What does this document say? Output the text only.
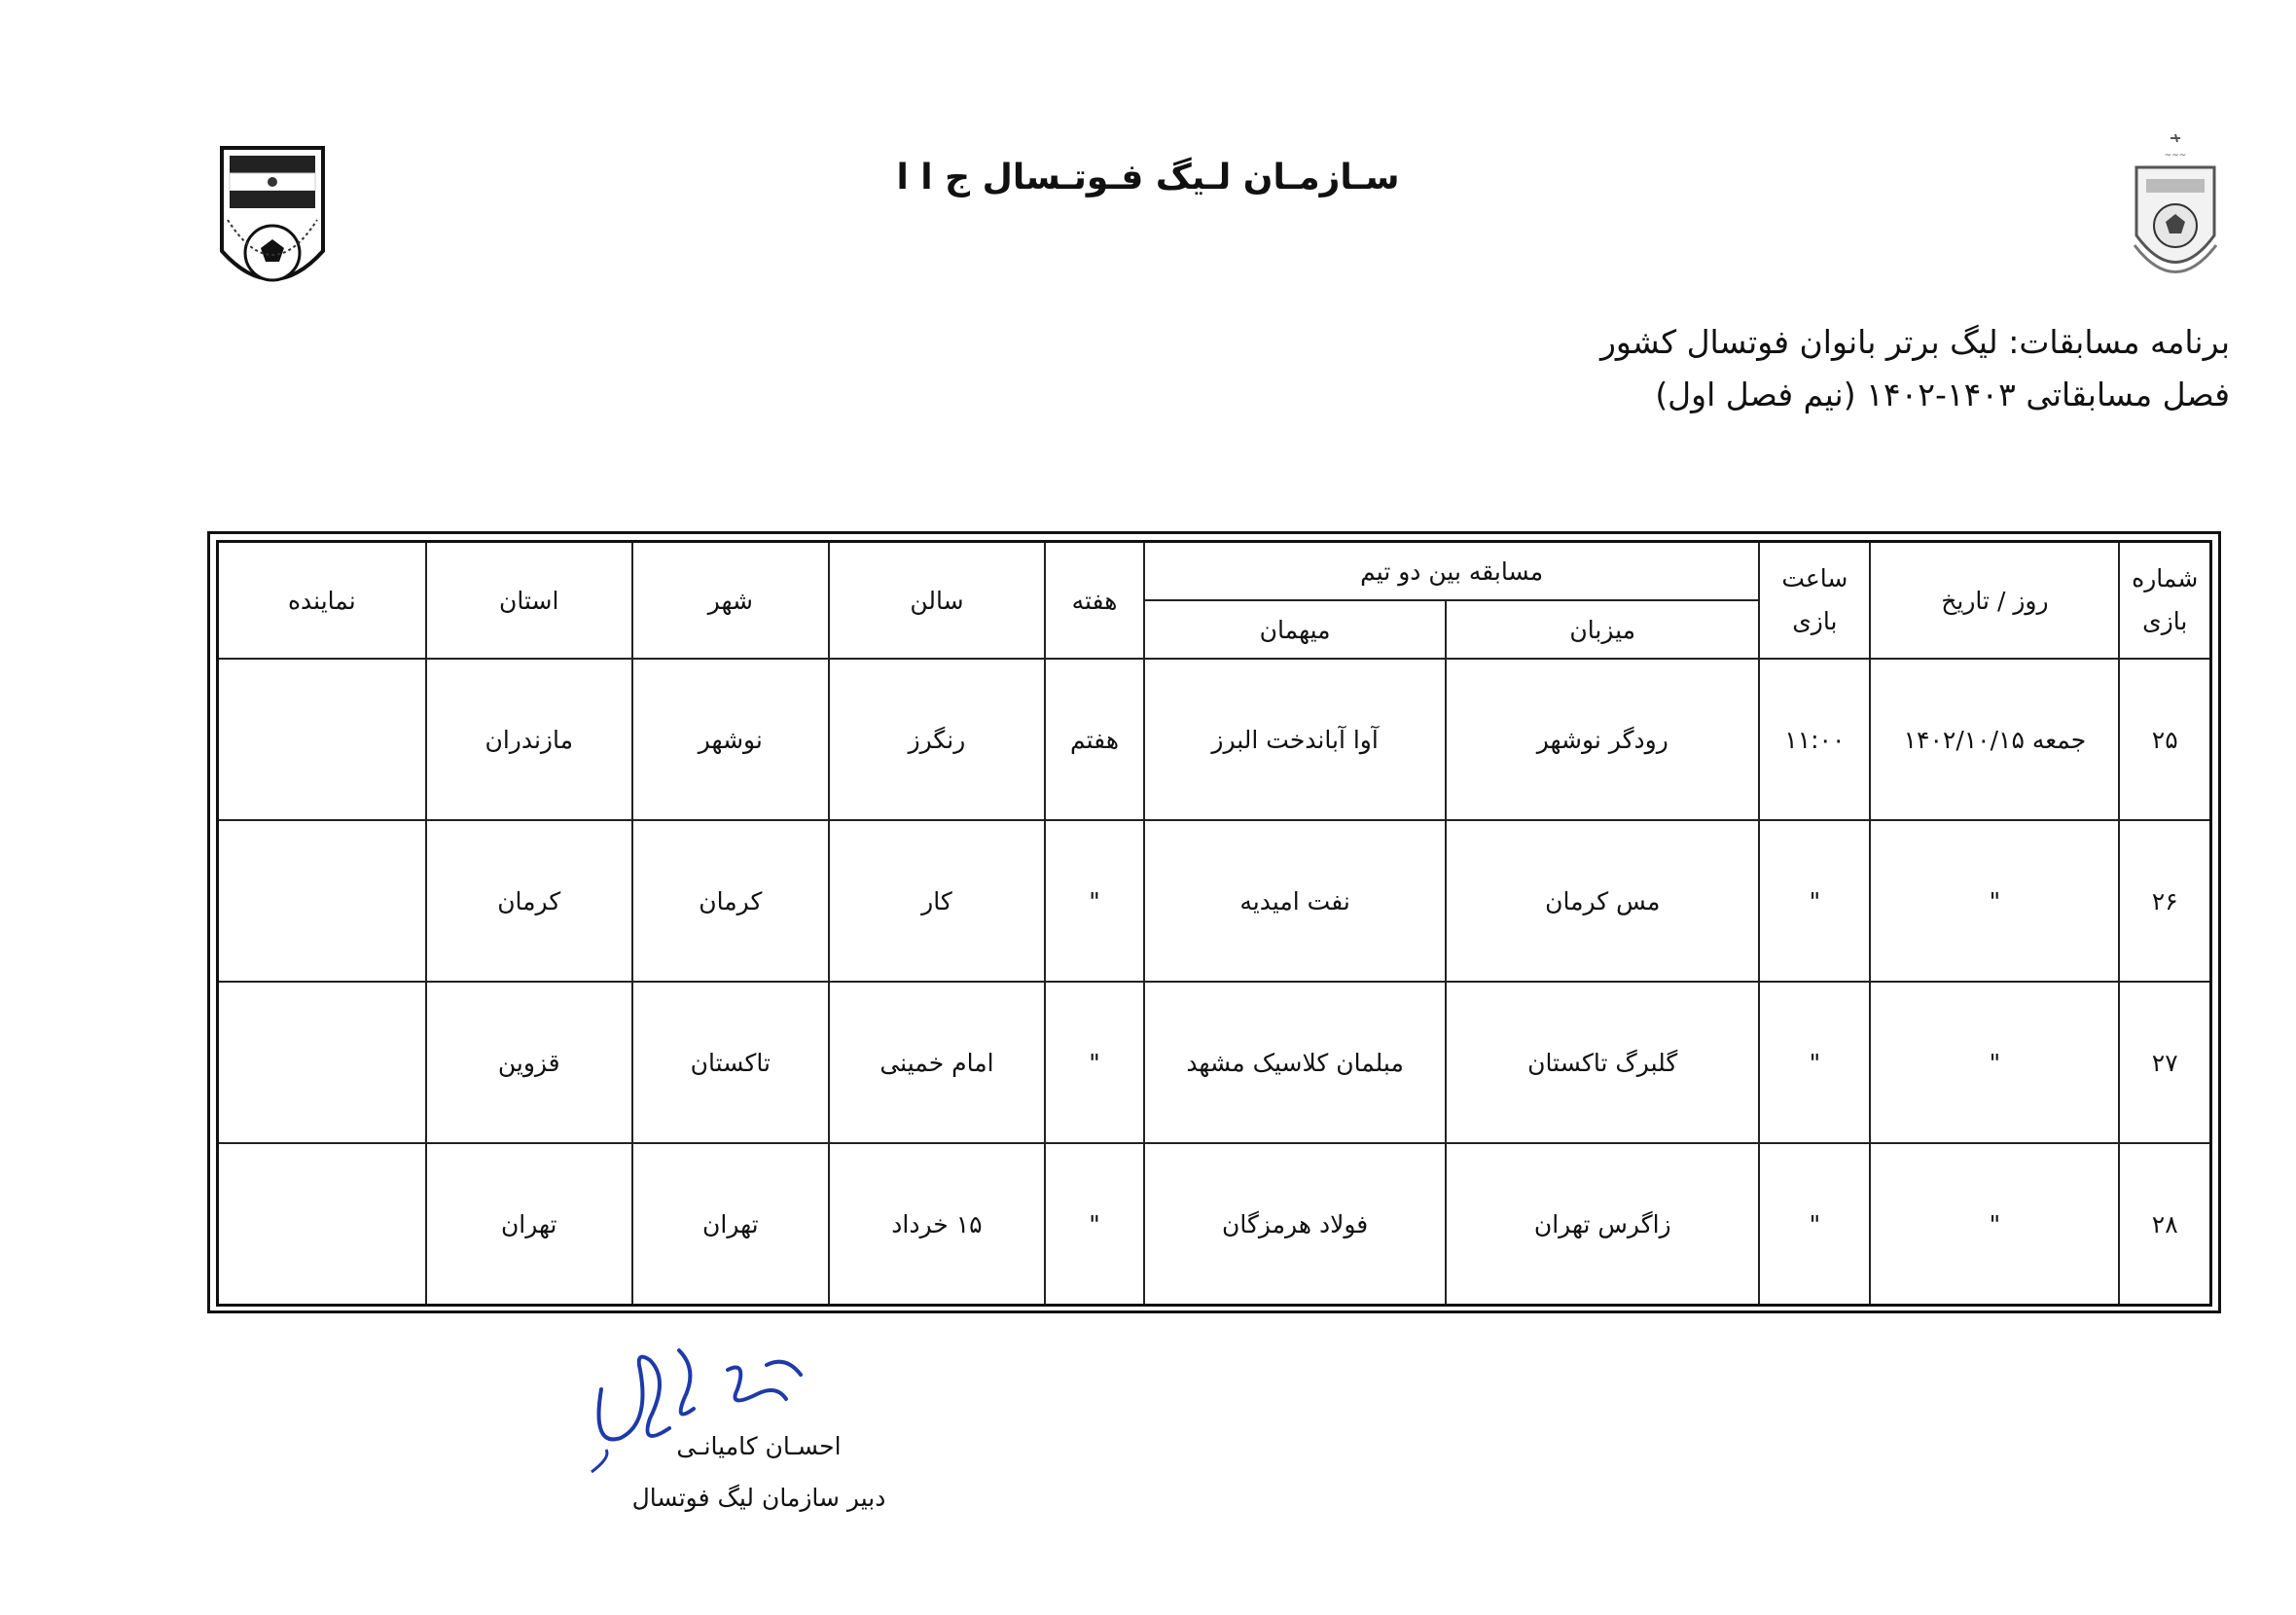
~~~
سـازمـان لـیگ فـوتـسال ج ا ا
برنامه مسابقات: لیگ برتر بانوان فوتسال کشور
فصل مسابقاتی ۱۴۰۳-۱۴۰۲ (نیم فصل اول)
شماره بازی	روز / تاریخ	ساعت بازی	مسابقه بین دو تیم		هفته	سالن	شهر	استان	نماینده
			میزبان	میهمان					
۲۵	جمعه ۱۴۰۲/۱۰/۱۵	۱۱:۰۰	رودگر نوشهر	آوا آباندخت البرز	هفتم	رنگرز	نوشهر	مازندران	
۲۶	"	"	مس کرمان	نفت امیدیه	"	کار	کرمان	کرمان	
۲۷	"	"	گلبرگ تاکستان	مبلمان کلاسیک مشهد	"	امام خمینی	تاکستان	قزوین	
۲۸	"	"	زاگرس تهران	فولاد هرمزگان	"	۱۵ خرداد	تهران	تهران	
احسـان کامیانـی
دبیر سازمان لیگ فوتسال
